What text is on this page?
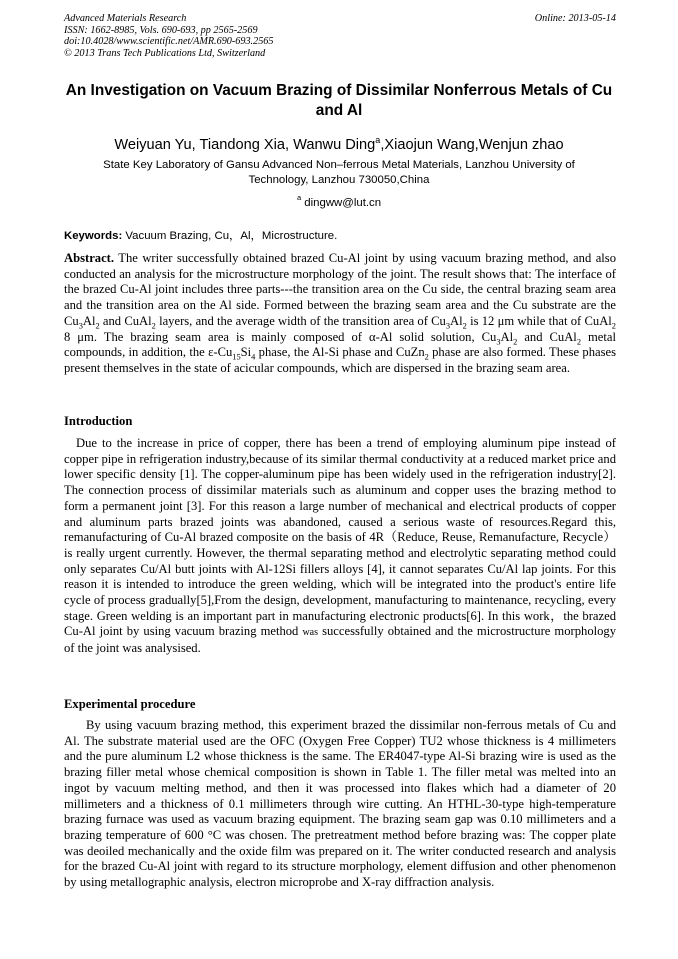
Advanced Materials Research
ISSN: 1662-8985, Vols. 690-693, pp 2565-2569
doi:10.4028/www.scientific.net/AMR.690-693.2565
© 2013 Trans Tech Publications Ltd, Switzerland
Online: 2013-05-14
An Investigation on Vacuum Brazing of Dissimilar Nonferrous Metals of Cu and Al
Weiyuan Yu, Tiandong Xia, Wanwu Ding$^a$,Xiaojun Wang,Wenjun zhao
State Key Laboratory of Gansu Advanced Non–ferrous Metal Materials, Lanzhou University of Technology, Lanzhou 730050,China
$^a$ dingww@lut.cn
Keywords: Vacuum Brazing, Cu，Al，Microstructure.
Abstract. The writer successfully obtained brazed Cu-Al joint by using vacuum brazing method, and also conducted an analysis for the microstructure morphology of the joint. The result shows that: The interface of the brazed Cu-Al joint includes three parts---the transition area on the Cu side, the central brazing seam area and the transition area on the Al side. Formed between the brazing seam area and the Cu substrate are the $Cu_3Al_2$ and CuAl$_2$ layers, and the average width of the transition area of $Cu_3Al_2$ is 12 μm while that of CuAl$_2$ 8 μm. The brazing seam area is mainly composed of α-Al solid solution, $Cu_3Al_2$ and CuAl$_2$ metal compounds, in addition, the $\varepsilon-Cu_{15}Si_4$ phase, the Al-Si phase and CuZn$_2$ phase are also formed. These phases present themselves in the state of acicular compounds, which are dispersed in the brazing seam area.
Introduction
Due to the increase in price of copper, there has been a trend of employing aluminum pipe instead of copper pipe in refrigeration industry,because of its similar thermal conductivity at a reduced market price and lower specific density [1]. The copper-aluminum pipe has been widely used in the refrigeration industry[2]. The connection process of dissimilar materials such as aluminum and copper uses the brazing method to form a permanent joint [3]. For this reason a large number of mechanical and electrical products of copper and aluminum parts brazed joints was abandoned, caused a serious waste of resources.Regard this, remanufacturing of Cu-Al brazed composite on the basis of 4R（Reduce, Reuse, Remanufacture, Recycle）is really urgent currently. However, the thermal separating method and electrolytic separating method could only separates Cu/Al butt joints with Al-12Si fillers alloys [4], it cannot separates Cu/Al lap joints. For this reason it is intended to introduce the green welding, which will be integrated into the product's entire life cycle of process gradually[5],From the design, development, manufacturing to maintenance, recycling, every stage. Green welding is an important part in manufacturing electronic products[6]. In this work，the brazed Cu-Al joint by using vacuum brazing method was successfully obtained and the microstructure morphology of the joint was analysised.
Experimental procedure
By using vacuum brazing method, this experiment brazed the dissimilar non-ferrous metals of Cu and Al. The substrate material used are the OFC (Oxygen Free Copper) TU2 whose thickness is 4 millimeters and the pure aluminum L2 whose thickness is the same. The ER4047-type Al-Si brazing wire is used as the brazing filler metal whose chemical composition is shown in Table 1. The filler metal was melted into an ingot by vacuum melting method, and then it was processed into flakes which had a diameter of 20 millimeters and a thickness of 0.1 millimeters through wire cutting. An HTHL-30-type high-temperature brazing furnace was used as vacuum brazing equipment. The brazing seam gap was 0.10 millimeters and a brazing temperature of 600 °C was chosen. The pretreatment method before brazing was: The copper plate was deoiled mechanically and the oxide film was prepared on it. The writer conducted research and analysis for the brazed Cu-Al joint with regard to its structure morphology, element diffusion and other phenomenon by using metallographic analysis, electron microprobe and X-ray diffraction analysis.
